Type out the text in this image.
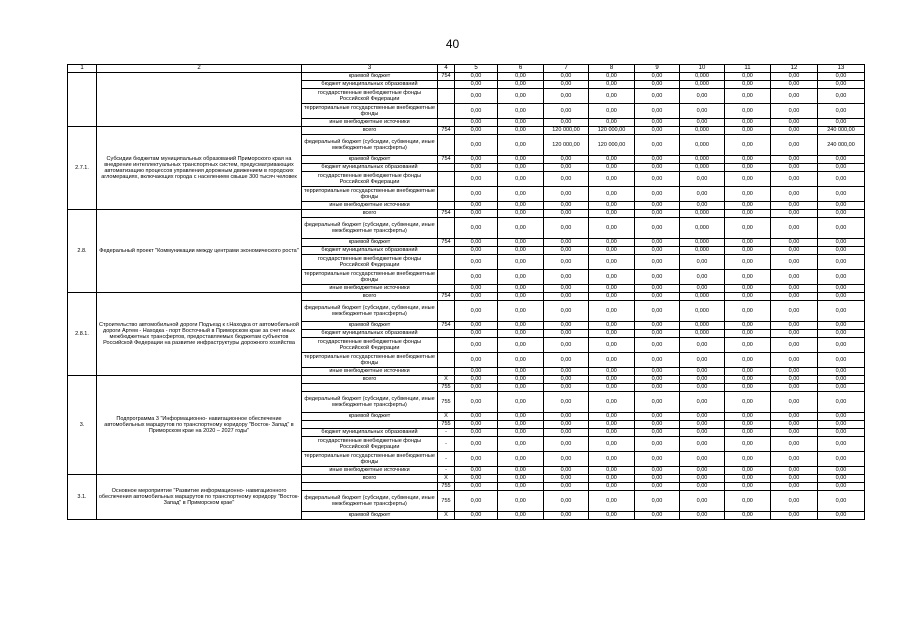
40
1	2	3	4	5	6	7	8	9	10	11	12	13
		краевой бюджет	754	0,00	0,00	0,00	0,00	0,00	0,000	0,00	0,00	0,00
		бюджет муниципальных образований		0,00	0,00	0,00	0,00	0,00	0,000	0,00	0,00	0,00
		государственные внебюджетные фонды Российской Федерации		0,00	0,00	0,00	0,00	0,00	0,00	0,00	0,00	0,00
		территориальные государственные внебюджетные фонды		0,00	0,00	0,00	0,00	0,00	0,00	0,00	0,00	0,00
		иные внебюджетные источники		0,00	0,00	0,00	0,00	0,00	0,00	0,00	0,00	0,00
2.7.1.	Субсидии бюджетам муниципальных образований Приморского края на внедрение интеллектуальных транспортных систем, предусматривающих автоматизацию процессов управления дорожным движением в городских агломерациях, включающих города с населением свыше 300 тысяч человек	всего	754	0,00	0,00	120 000,00	120 000,00	0,00	0,000	0,00	0,00	240 000,00
		федеральный бюджет (субсидии, субвенции, иные межбюджетные трансферты)		0,00	0,00	120 000,00	120 000,00	0,00	0,000	0,00	0,00	240 000,00
		краевой бюджет	754	0,00	0,00	0,00	0,00	0,00	0,000	0,00	0,00	0,00
		бюджет муниципальных образований		0,00	0,00	0,00	0,00	0,00	0,000	0,00	0,00	0,00
		государственные внебюджетные фонды Российской Федерации		0,00	0,00	0,00	0,00	0,00	0,00	0,00	0,00	0,00
		территориальные государственные внебюджетные фонды		0,00	0,00	0,00	0,00	0,00	0,00	0,00	0,00	0,00
		иные внебюджетные источники		0,00	0,00	0,00	0,00	0,00	0,00	0,00	0,00	0,00
2.8.	Федеральный проект "Коммуникации между центрами экономического роста"	всего	754	0,00	0,00	0,00	0,00	0,00	0,000	0,00	0,00	0,00
		федеральный бюджет (субсидии, субвенции, иные межбюджетные трансферты)		0,00	0,00	0,00	0,00	0,00	0,000	0,00	0,00	0,00
		краевой бюджет	754	0,00	0,00	0,00	0,00	0,00	0,000	0,00	0,00	0,00
		бюджет муниципальных образований		0,00	0,00	0,00	0,00	0,00	0,000	0,00	0,00	0,00
		государственные внебюджетные фонды Российской Федерации		0,00	0,00	0,00	0,00	0,00	0,00	0,00	0,00	0,00
		территориальные государственные внебюджетные фонды		0,00	0,00	0,00	0,00	0,00	0,00	0,00	0,00	0,00
		иные внебюджетные источники		0,00	0,00	0,00	0,00	0,00	0,00	0,00	0,00	0,00
2.8.1.	Строительство автомобильной дороги Подъезд к г.Находка от автомобильной дороги Артем - Находка - порт Восточный в Приморском крае за счет иных межбюджетных трансфертов, предоставляемых бюджетам субъектов Российской Федерации на развитие инфраструктуры дорожного хозяйства	всего	754	0,00	0,00	0,00	0,00	0,00	0,000	0,00	0,00	0,00
		федеральный бюджет (субсидии, субвенции, иные межбюджетные трансферты)		0,00	0,00	0,00	0,00	0,00	0,000	0,00	0,00	0,00
		краевой бюджет	754	0,00	0,00	0,00	0,00	0,00	0,000	0,00	0,00	0,00
		бюджет муниципальных образований		0,00	0,00	0,00	0,00	0,00	0,000	0,00	0,00	0,00
		государственные внебюджетные фонды Российской Федерации		0,00	0,00	0,00	0,00	0,00	0,00	0,00	0,00	0,00
		территориальные государственные внебюджетные фонды		0,00	0,00	0,00	0,00	0,00	0,00	0,00	0,00	0,00
		иные внебюджетные источники		0,00	0,00	0,00	0,00	0,00	0,00	0,00	0,00	0,00
3.	Подпрограмма 3 "Информационно- навигационное обеспечение автомобильных маршрутов по транспортному коридору "Восток- Запад" в Приморском крае на 2020 – 2027 годы"	всего	X	0,00	0,00	0,00	0,00	0,00	0,00	0,00	0,00	0,00
			755	0,00	0,00	0,00	0,00	0,00	0,00	0,00	0,00	0,00
		федеральный бюджет (субсидии, субвенции, иные межбюджетные трансферты)	755	0,00	0,00	0,00	0,00	0,00	0,00	0,00	0,00	0,00
		краевой бюджет	X	0,00	0,00	0,00	0,00	0,00	0,00	0,00	0,00	0,00
			755	0,00	0,00	0,00	0,00	0,00	0,00	0,00	0,00	0,00
		бюджет муниципальных образований	-	0,00	0,00	0,00	0,00	0,00	0,00	0,00	0,00	0,00
		государственные внебюджетные фонды Российской Федерации	-	0,00	0,00	0,00	0,00	0,00	0,00	0,00	0,00	0,00
		территориальные государственные внебюджетные фонды	-	0,00	0,00	0,00	0,00	0,00	0,00	0,00	0,00	0,00
		иные внебюджетные источники	-	0,00	0,00	0,00	0,00	0,00	0,00	0,00	0,00	0,00
3.1.	Основное мероприятие "Развитие информационно- навигационного обеспечения автомобильных маршрутов по транспортному коридору "Восток- Запад" в Приморском крае"	всего	X	0,00	0,00	0,00	0,00	0,00	0,00	0,00	0,00	0,00
			755	0,00	0,00	0,00	0,00	0,00	0,00	0,00	0,00	0,00
		федеральный бюджет (субсидии, субвенции, иные межбюджетные трансферты)	755	0,00	0,00	0,00	0,00	0,00	0,00	0,00	0,00	0,00
		краевой бюджет	X	0,00	0,00	0,00	0,00	0,00	0,00	0,00	0,00	0,00
